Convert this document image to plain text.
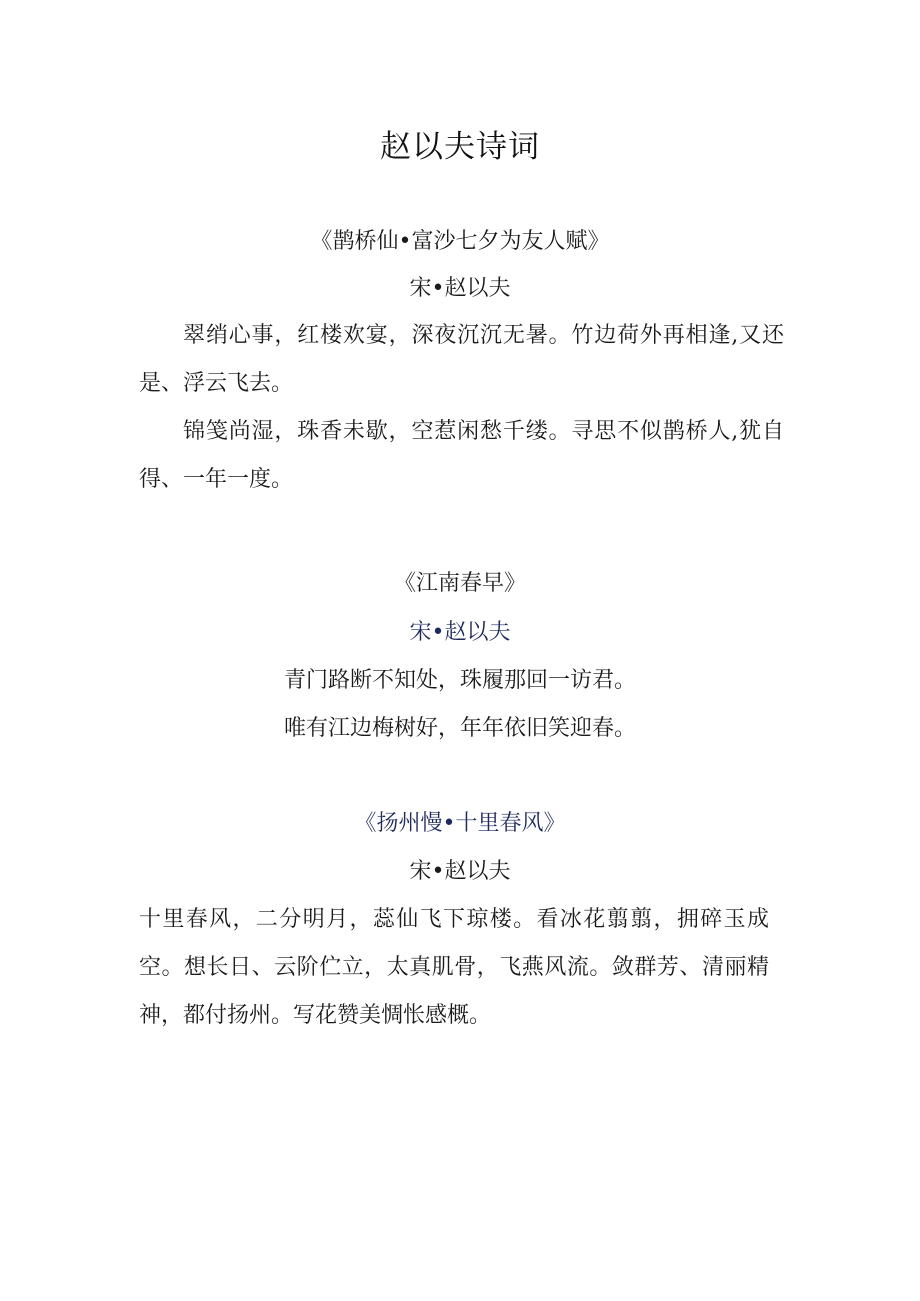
赵以夫诗词

《鹊桥仙•富沙七夕为友人赋》

宋•赵以夫

翠绡心事，红楼欢宴，深夜沉沉无暑。竹边荷外再相逢,又还是、浮云飞去。

锦笺尚湿，珠香未歇，空惹闲愁千缕。寻思不似鹊桥人,犹自得、一年一度。

《江南春早》

宋•赵以夫

青门路断不知处，珠履那回一访君。

唯有江边梅树好，年年依旧笑迎春。

《扬州慢•十里春风》

宋•赵以夫

十里春风，二分明月，蕊仙飞下琼楼。看冰花翦翦，拥碎玉成空。想长日、云阶伫立，太真肌骨，飞燕风流。敛群芳、清丽精神，都付扬州。写花赞美惆怅感概。
